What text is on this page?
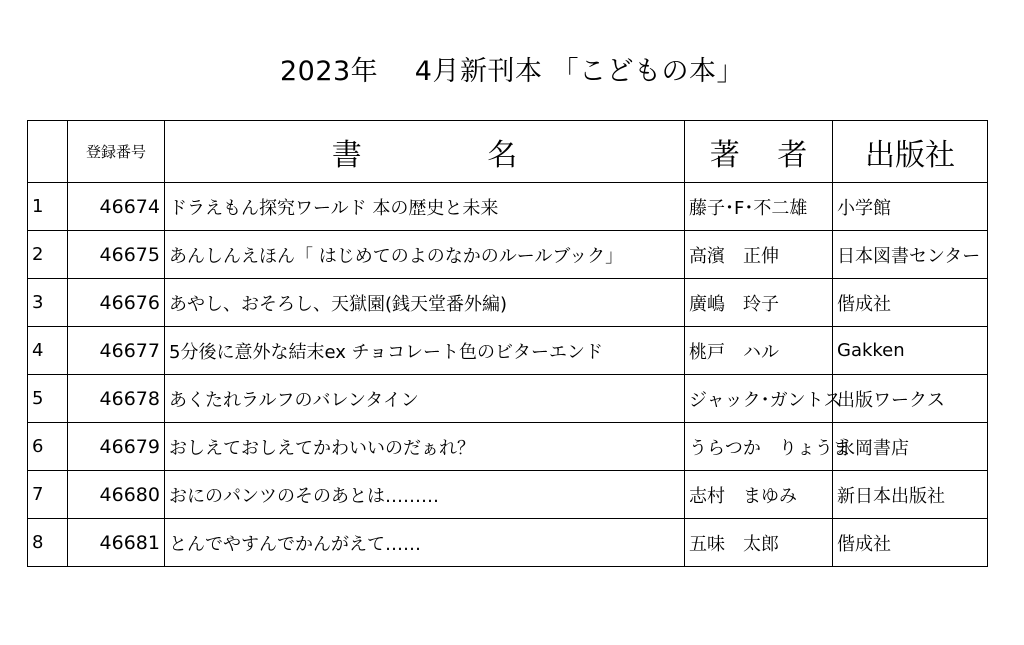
2023年　 4月新刊本 「こどもの本」
	登録番号	書 名	著 者	出版社
1	46674	ドラえもん探究ワールド 本の歴史と未来	藤子･F･不二雄	小学館
2	46675	あんしんえほん「 はじめてのよのなかのルールブック」	高濱　正伸	日本図書センター
3	46676	あやし、おそろし、天獄園(銭天堂番外編)	廣嶋　玲子	偕成社
4	46677	5分後に意外な結末ex チョコレート色のビターエンド	桃戸　ハル	Gakken
5	46678	あくたれラルフのバレンタイン	ジャック･ガントス	出版ワークス
6	46679	おしえておしえてかわいいのだぁれ？	うらつか　りょうま	永岡書店
7	46680	おにのパンツのそのあとは………	志村　まゆみ	新日本出版社
8	46681	とんでやすんでかんがえて……	五味　太郎	偕成社
